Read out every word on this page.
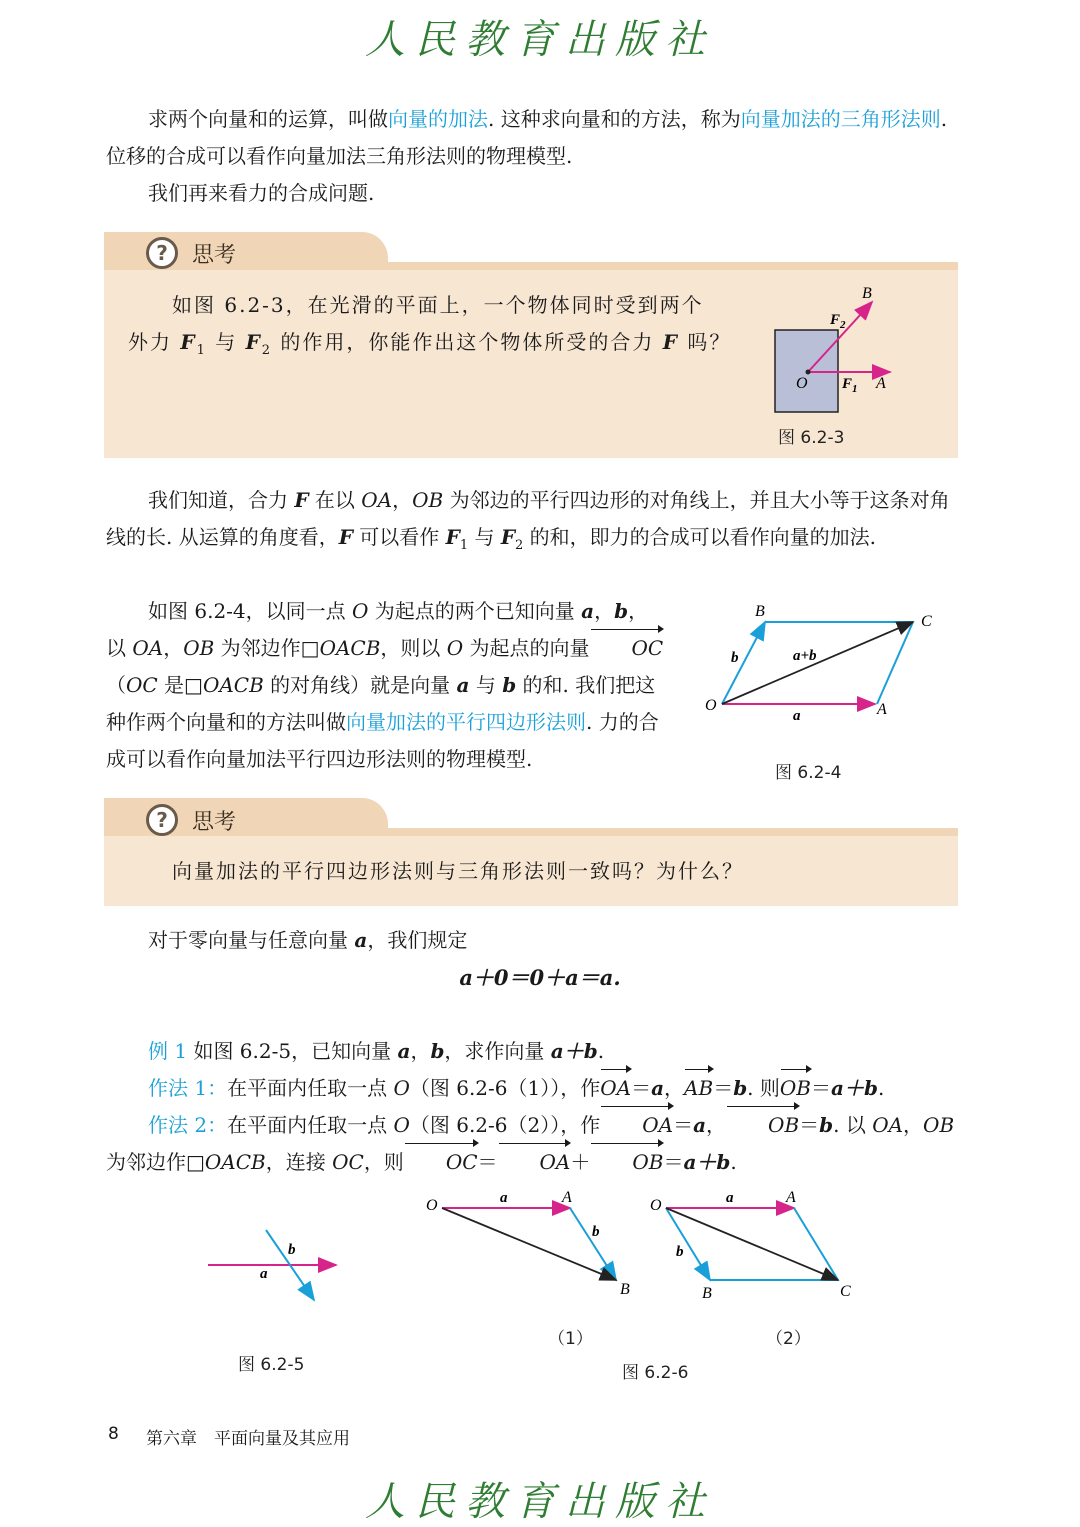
人民教育出版社
求两个向量和的运算，叫做向量的加法. 这种求向量和的方法，称为向量加法的三角形法则. 位移的合成可以看作向量加法三角形法则的物理模型.
我们再来看力的合成问题.
?	思考
如图 6.2-3，在光滑的平面上，一个物体同时受到两个
外力 $F_1$ 与 $F_2$ 的作用，你能作出这个物体所受的合力 F 吗？
B
$F_2$
O $F_1$ A
图 6.2-3
我们知道，合力 F 在以 OA，OB 为邻边的平行四边形的对角线上，并且大小等于这条对角线的长. 从运算的角度看，F 可以看作 $F_1$ 与 $F_2$ 的和，即力的合成可以看作向量的加法.
如图 6.2-4，以同一点 O 为起点的两个已知向量 a，b，以 OA，OB 为邻边作□OACB，则以 O 为起点的向量 OC（OC 是□OACB 的对角线）就是向量 a 与 b 的和. 我们把这种作两个向量和的方法叫做向量加法的平行四边形法则. 力的合成可以看作向量加法平行四边形法则的物理模型.
B
C
O	A
a
b	a+b
图 6.2-4
?	思考
向量加法的平行四边形法则与三角形法则一致吗？为什么？
对于零向量与任意向量 a，我们规定
a＋0＝0＋a＝a.
例 1 如图 6.2-5，已知向量 a，b，求作向量 a＋b.
作法 1：在平面内任取一点 O（图 6.2-6（1）），作OA＝a，AB＝b. 则OB＝a＋b.
作法 2：在平面内任取一点 O（图 6.2-6（2）），作 OA＝a， OB＝b. 以 OA，OB 为邻边作□OACB，连接 OC，则 OC＝ OA＋ OB＝a＋b.
a
b
图 6.2-5
O	A
B
a
b
（1）
O	A
B	C
a
b
（2）
图 6.2-6
8 第六章　平面向量及其应用
人民教育出版社
